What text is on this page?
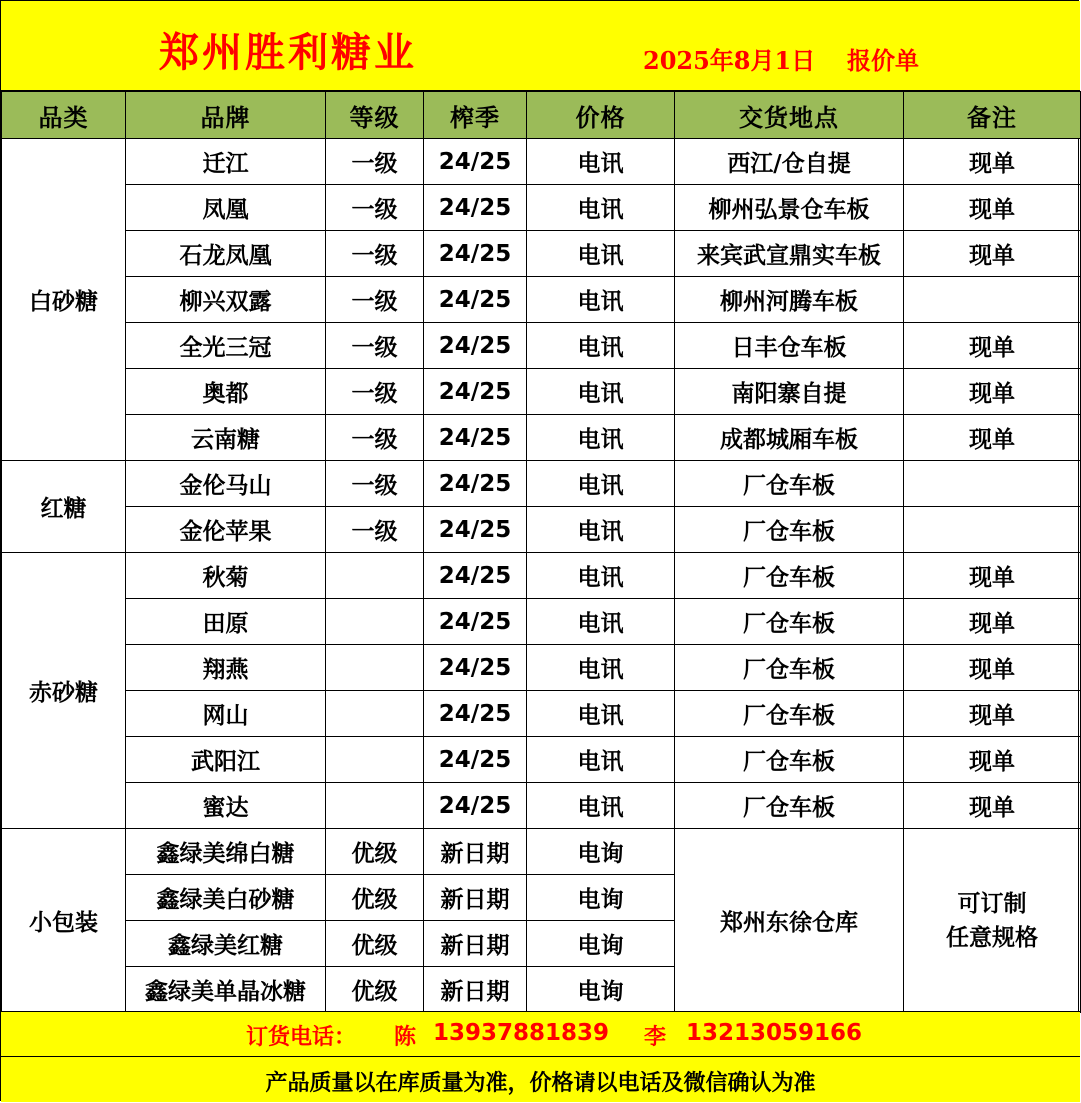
郑州胜利糖业	2025年8月1日 报价单
品类	品牌	等级	榨季	价格	交货地点	备注
白砂糖	迁江	一级	24/25	电讯	西江/仓自提	现单
	凤凰	一级	24/25	电讯	柳州弘景仓车板	现单
	石龙凤凰	一级	24/25	电讯	来宾武宣鼎实车板	现单
	柳兴双露	一级	24/25	电讯	柳州河腾车板	
	全光三冠	一级	24/25	电讯	日丰仓车板	现单
	奥都	一级	24/25	电讯	南阳寨自提	现单
	云南糖	一级	24/25	电讯	成都城厢车板	现单
红糖	金伦马山	一级	24/25	电讯	厂仓车板	
	金伦苹果	一级	24/25	电讯	厂仓车板	
赤砂糖	秋菊		24/25	电讯	厂仓车板	现单
	田原		24/25	电讯	厂仓车板	现单
	翔燕		24/25	电讯	厂仓车板	现单
	网山		24/25	电讯	厂仓车板	现单
	武阳江		24/25	电讯	厂仓车板	现单
	蜜达		24/25	电讯	厂仓车板	现单
小包装	鑫绿美绵白糖	优级	新日期	电询	郑州东徐仓库	可订制
任意规格
	鑫绿美白砂糖	优级	新日期	电询		
	鑫绿美红糖	优级	新日期	电询		
	鑫绿美单晶冰糖	优级	新日期	电询		
订货电话： 陈 13937881839 李 13213059166
产品质量以在库质量为准，价格请以电话及微信确认为准
